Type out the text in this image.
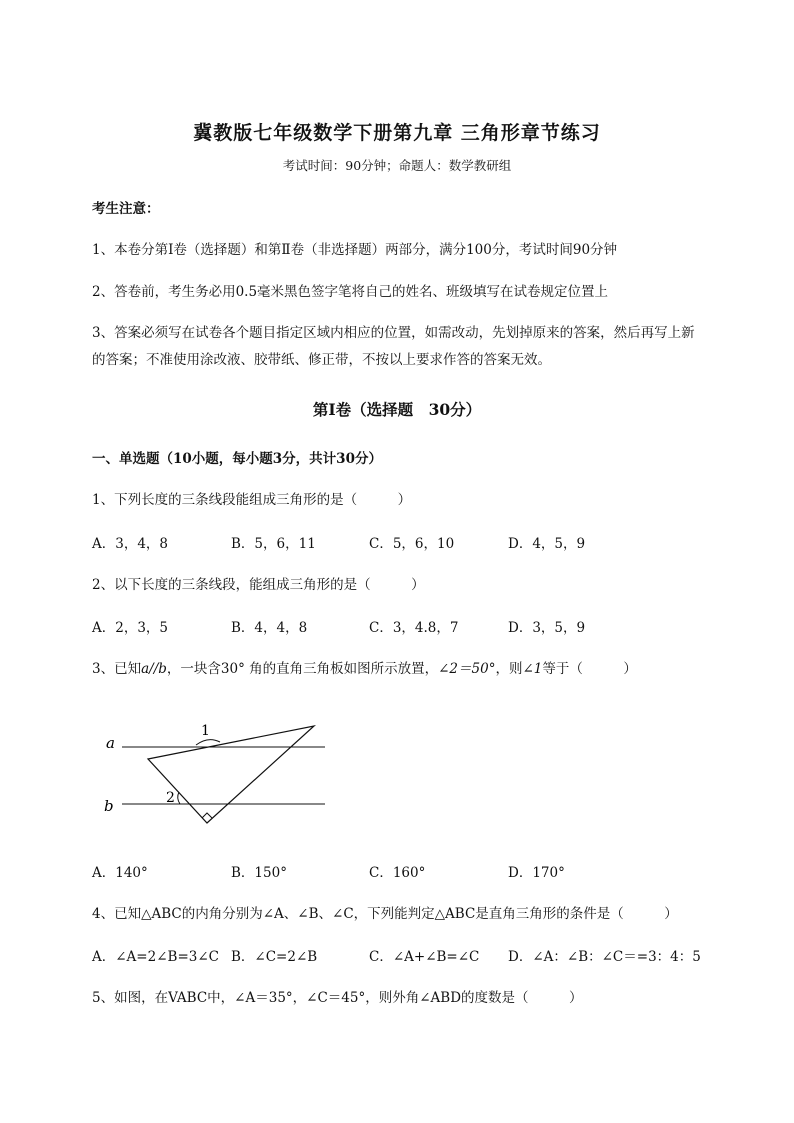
冀教版七年级数学下册第九章 三角形章节练习
考试时间：90分钟；命题人：数学教研组
考生注意：
1、本卷分第I卷（选择题）和第Ⅱ卷（非选择题）两部分，满分100分，考试时间90分钟
2、答卷前，考生务必用0.5毫米黑色签字笔将自己的姓名、班级填写在试卷规定位置上
3、答案必须写在试卷各个题目指定区域内相应的位置，如需改动，先划掉原来的答案，然后再写上新
的答案；不准使用涂改液、胶带纸、修正带，不按以上要求作答的答案无效。
第I卷（选择题　30分）
一、单选题（10小题，每小题3分，共计30分）
1、下列长度的三条线段能组成三角形的是（　　　）
A．3，4，8	B．5，6，11	C．5，6，10	D．4，5，9
2、以下长度的三条线段，能组成三角形的是（　　　）
A．2，3，5	B．4，4，8	C．3，4.8，7	D．3，5，9
3、已知a//b，一块含30° 角的直角三角板如图所示放置，∠2＝50°，则∠1等于（　　　）
a
b
1
2
A．140°	B．150°	C．160°	D．170°
4、已知△ABC的内角分别为∠A、∠B、∠C，下列能判定△ABC是直角三角形的条件是（　　　）
A．∠A=2∠B=3∠C B．∠C=2∠B	C．∠A+∠B=∠C D．∠A：∠B：∠C＝=3：4：5
5、如图，在VABC中，∠A＝35°，∠C＝45°，则外角∠ABD的度数是（　　　）
